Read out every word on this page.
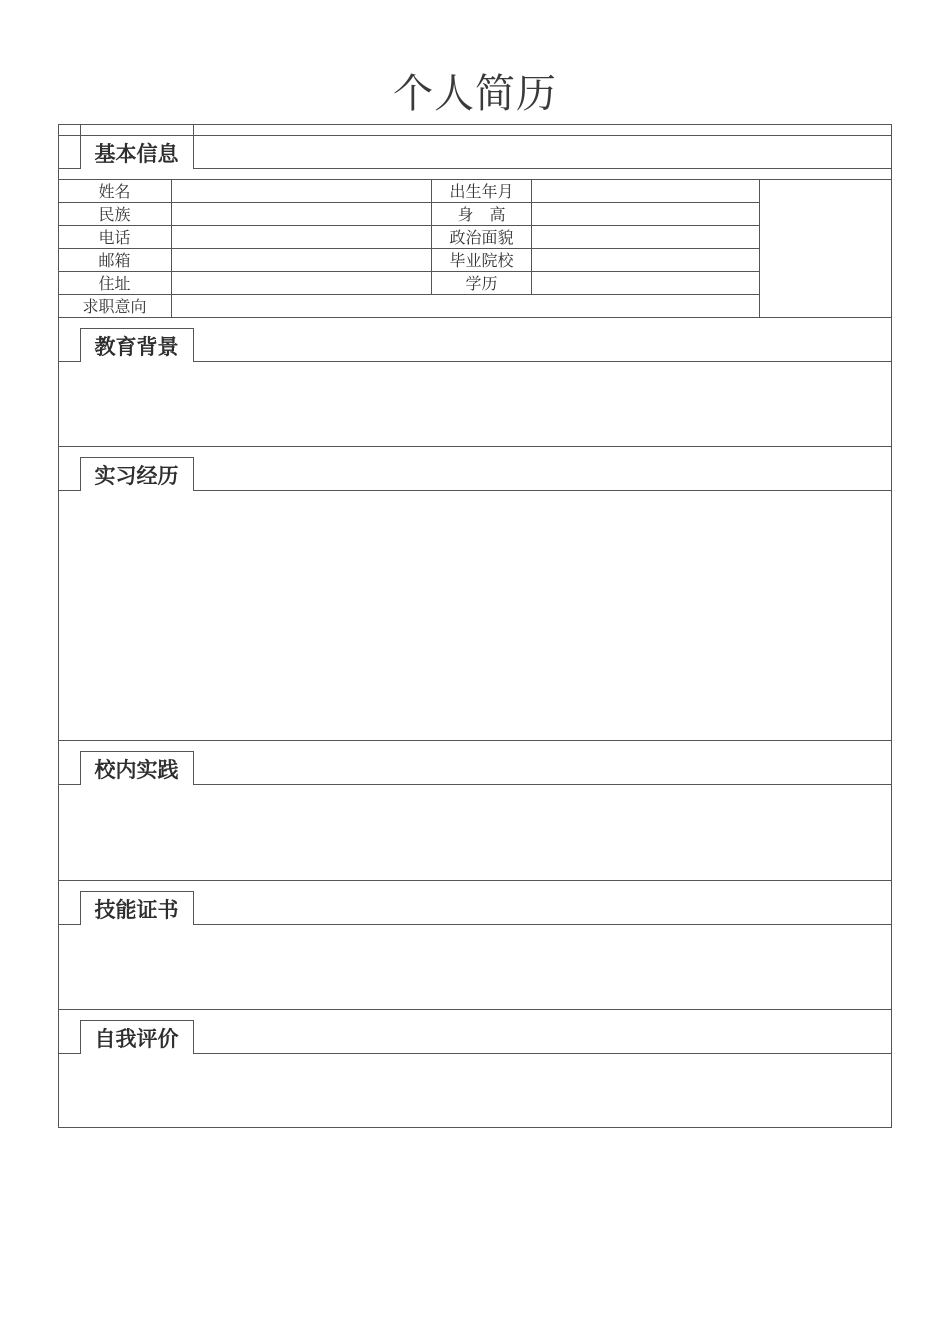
个人简历
基本信息
姓名	出生年月
民族	身　高
电话	政治面貌
邮箱	毕业院校
住址	学历
求职意向
教育背景
实习经历
校内实践
技能证书
自我评价
